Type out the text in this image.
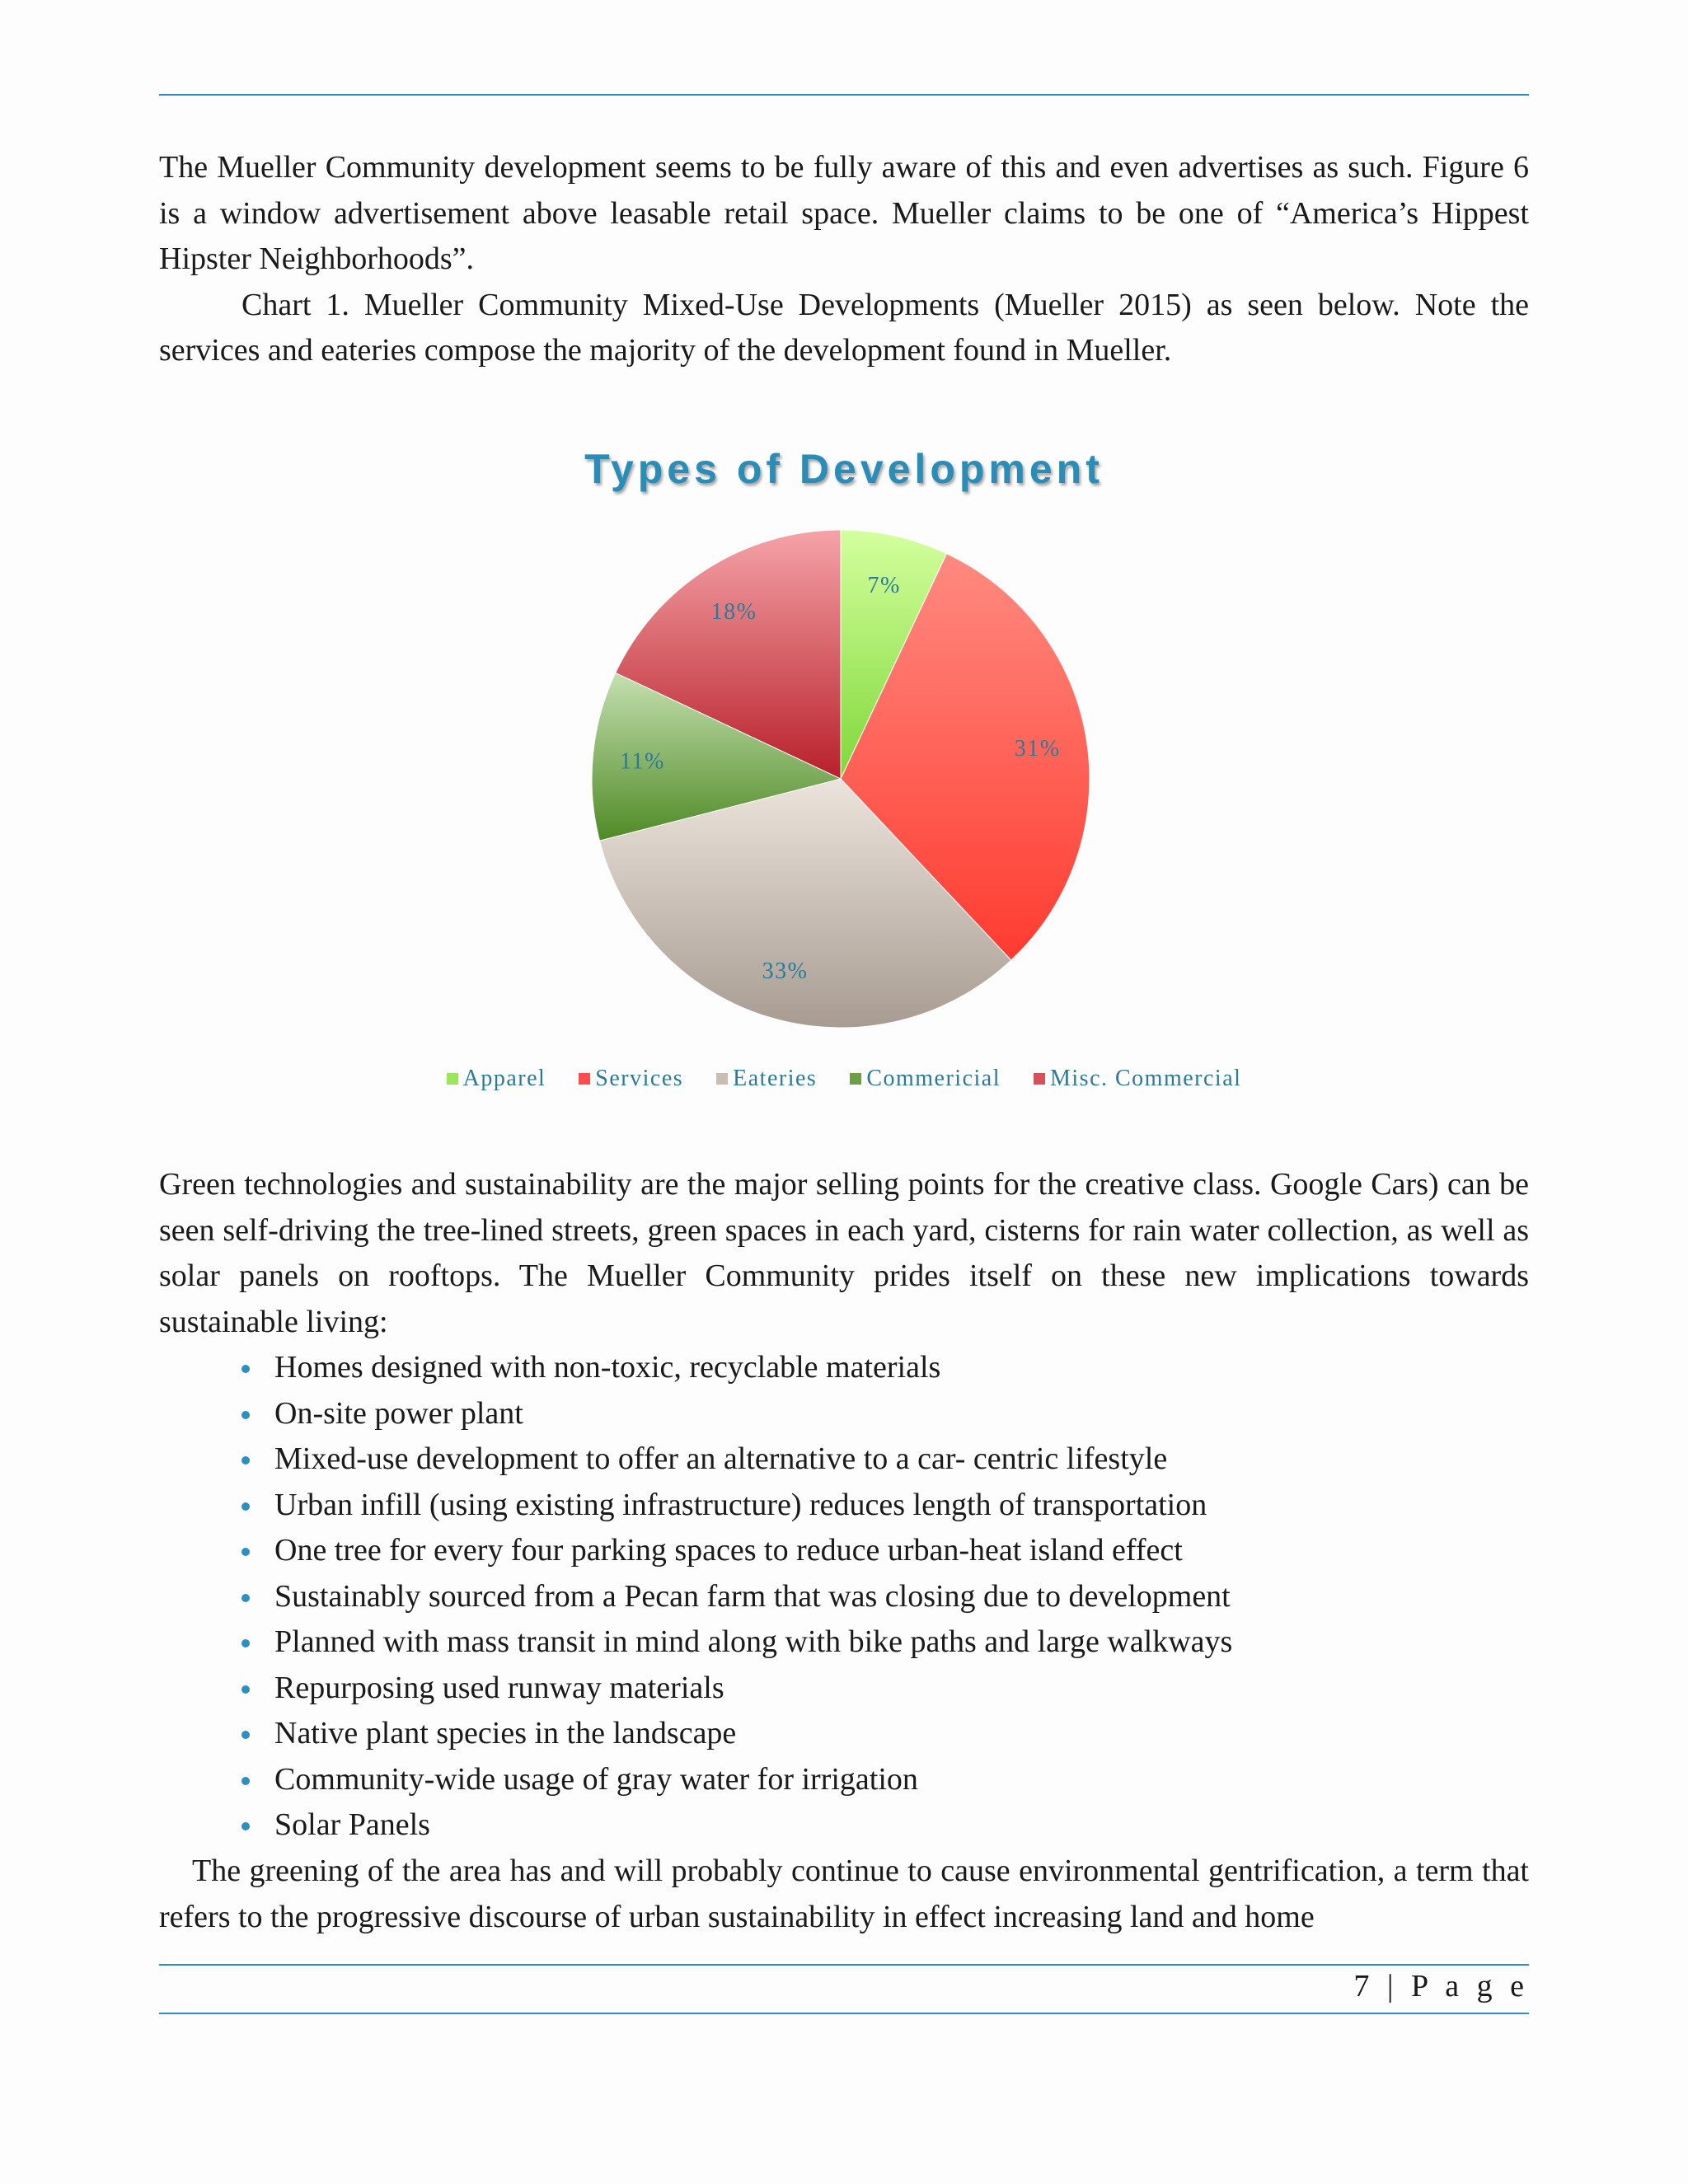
The Mueller Community development seems to be fully aware of this and even advertises as such. Figure 6 is a window advertisement above leasable retail space. Mueller claims to be one of “America’s Hippest Hipster Neighborhoods”.

Chart 1. Mueller Community Mixed-Use Developments (Mueller 2015) as seen below. Note the services and eateries compose the majority of the development found in Mueller.

Types of Development
7%
31%
33%
11%
18%
Apparel Services Eateries Commericial Misc. Commercial

Green technologies and sustainability are the major selling points for the creative class. Google Cars) can be seen self-driving the tree-lined streets, green spaces in each yard, cisterns for rain water collection, as well as solar panels on rooftops. The Mueller Community prides itself on these new implications towards sustainable living:

Homes designed with non-toxic, recyclable materials
On-site power plant
Mixed-use development to offer an alternative to a car- centric lifestyle
Urban infill (using existing infrastructure) reduces length of transportation
One tree for every four parking spaces to reduce urban-heat island effect
Sustainably sourced from a Pecan farm that was closing due to development
Planned with mass transit in mind along with bike paths and large walkways
Repurposing used runway materials
Native plant species in the landscape
Community-wide usage of gray water for irrigation
Solar Panels

The greening of the area has and will probably continue to cause environmental gentrification, a term that refers to the progressive discourse of urban sustainability in effect increasing land and home

7 | P a g e
